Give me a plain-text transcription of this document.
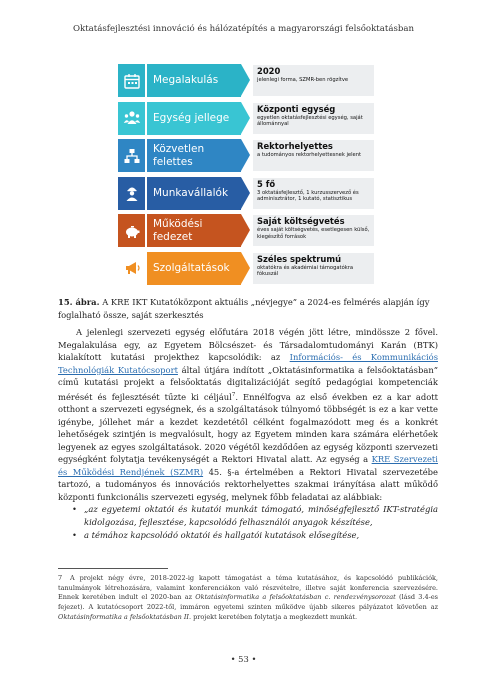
Oktatásfejlesztési innováció és hálózatépítés a magyarországi felsőoktatásban
Megalakulás
2020
jelenlegi forma, SZMR-ben rögzítve
Egység jellege
Központi egység
egyetlen oktatásfejlesztési egység, saját állománnyal
Közvetlen felettes
Rektorhelyettes
a tudományos rektorhelyettesnek jelent
Munkavállalók
5 fő
3 oktatásfejlesztő, 1 kurzusszervező és adminisztrátor, 1 kutató, statisztikus
Működési fedezet
Saját költségvetés
éves saját költségvetés, esetlegesen külső, kiegészítő források
Szolgáltatások
Széles spektrumú
oktatókra és akadémiai támogatókra fókuszál
15. ábra. A KRE IKT Kutatóközpont aktuális „névjegye” a 2024-es felmérés alapján így foglalható össze, saját szerkesztés

A jelenlegi szervezeti egység előfutára 2018 végén jött létre, mindössze 2 fővel. Megalakulása egy, az Egyetem Bölcsészet- és Társadalomtudományi Karán (BTK) kialakított kutatási projekthez kapcsolódik: az Információs- és Kommunikációs Technológiák Kutatócsoport által útjára indított „Oktatásinformatika a felsőoktatásban” című kutatási projekt a felsőoktatás digitalizációját segítő pedagógiai kompetenciák mérését és fejlesztését tűzte ki céljául$^7$. Ennélfogva az első években ez a kar adott otthont a szervezeti egységnek, és a szolgáltatások túlnyomó többségét is ez a kar vette igénybe, jóllehet már a kezdet kezdetétől célként fogalmazódott meg és a konkrét lehetőségek szintjén is megvalósult, hogy az Egyetem minden kara számára elérhetőek legyenek az egyes szolgáltatások. 2020 végétől kezdődően az egység központi szervezeti egységként folytatja tevékenységét a Rektori Hivatal alatt. Az egység a KRE Szervezeti és Működési Rendjének (SZMR) 45. §-a értelmében a Rektori Hivatal szervezetébe tartozó, a tudományos és innovációs rektorhelyettes szakmai irányítása alatt működő központi funkcionális szervezeti egység, melynek főbb feladatai az alábbiak:

• „az egyetemi oktatói és kutatói munkát támogató, minőségfejlesztő IKT-stratégia kidolgozása, fejlesztése, kapcsolódó felhasználói anyagok készítése,
• a témához kapcsolódó oktatói és hallgatói kutatások elősegítése,
7 A projekt négy évre, 2018-2022-ig kapott támogatást a téma kutatásához, és kapcsolódó publikációk, tanulmányok létrehozására, valamint konferenciákon való részvételre, illetve saját konferencia szervezésére. Ennek keretében indult el 2020-ban az Oktatásinformatika a felsőoktatásban c. rendezvénysorozat (lásd 3.4-es fejezet). A kutatócsoport 2022-től, immáron egyetemi szinten működve újabb sikeres pályázatot követően az Oktatásinformatika a felsőoktatásban II. projekt keretében folytatja a megkezdett munkát.
• 53 •
